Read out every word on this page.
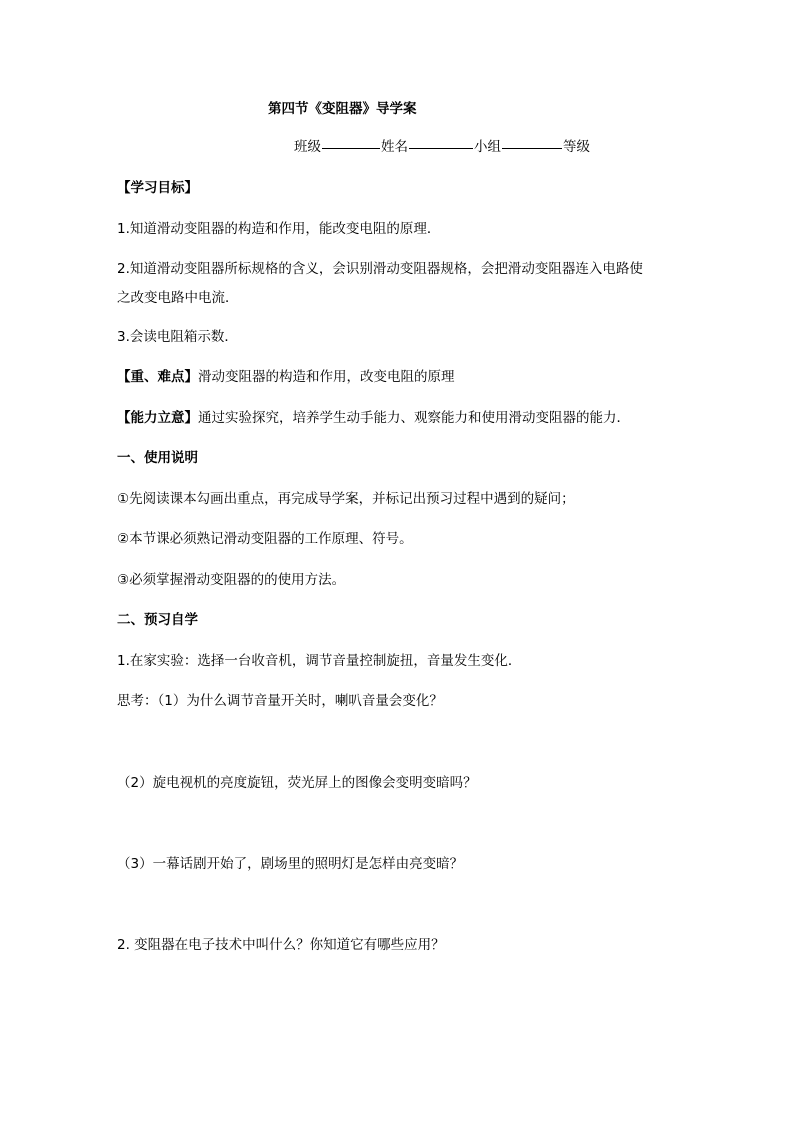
第四节《变阻器》导学案
班级	姓名	小组	等级
【学习目标】
1.知道滑动变阻器的构造和作用，能改变电阻的原理．
2.知道滑动变阻器所标规格的含义，会识别滑动变阻器规格，会把滑动变阻器连入电路使
之改变电路中电流．
3.会读电阻箱示数．
【重、难点】滑动变阻器的构造和作用，改变电阻的原理
【能力立意】通过实验探究，培养学生动手能力、观察能力和使用滑动变阻器的能力．
一、使用说明
①先阅读课本勾画出重点，再完成导学案，并标记出预习过程中遇到的疑问；
②本节课必须熟记滑动变阻器的工作原理、符号。
③必须掌握滑动变阻器的的使用方法。
二、预习自学
1.在家实验：选择一台收音机，调节音量控制旋扭，音量发生变化．
思考：（1）为什么调节音量开关时，喇叭音量会变化？
（2）旋电视机的亮度旋钮，荧光屏上的图像会变明变暗吗？
（3）一幕话剧开始了，剧场里的照明灯是怎样由亮变暗？
2. 变阻器在电子技术中叫什么？你知道它有哪些应用？
